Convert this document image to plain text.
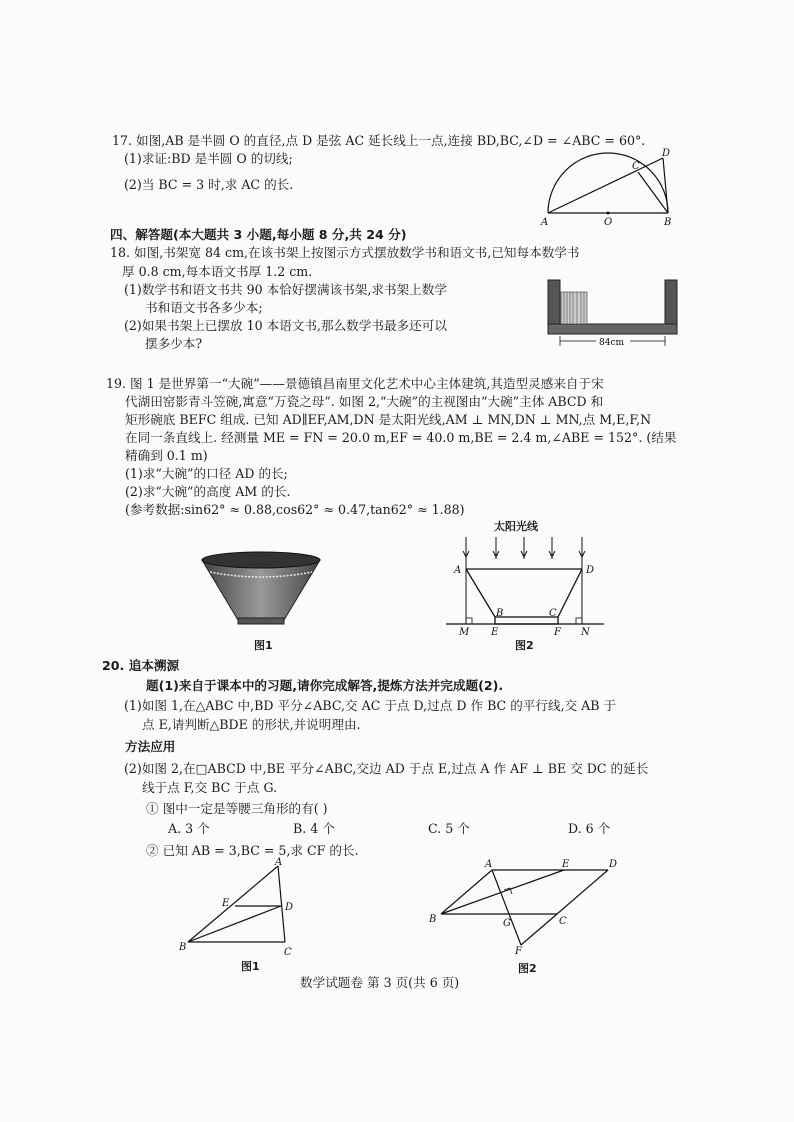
17. 如图,AB 是半圆 O 的直径,点 D 是弦 AC 延长线上一点,连接 BD,BC,∠D = ∠ABC = 60°.
(1)求证:BD 是半圆 O 的切线;
(2)当 BC = 3 时,求 AC 的长.
C
D
A	O	B
四、解答题(本大题共 3 小题,每小题 8 分,共 24 分)
18. 如图,书架宽 84 cm,在该书架上按图示方式摆放数学书和语文书,已知每本数学书
厚 0.8 cm,每本语文书厚 1.2 cm.
(1)数学书和语文书共 90 本恰好摆满该书架,求书架上数学
书和语文书各多少本;
(2)如果书架上已摆放 10 本语文书,那么数学书最多还可以
摆多少本?	84cm
19. 图 1 是世界第一“大碗”——景德镇昌南里文化艺术中心主体建筑,其造型灵感来自于宋
代湖田窑影青斗笠碗,寓意“万瓷之母”. 如图 2,“大碗”的主视图由“大碗”主体 ABCD 和
矩形碗底 BEFC 组成. 已知 AD∥EF,AM,DN 是太阳光线,AM ⊥ MN,DN ⊥ MN,点 M,E,F,N
在同一条直线上. 经测量 ME = FN = 20.0 m,EF = 40.0 m,BE = 2.4 m,∠ABE = 152°. (结果
精确到 0.1 m)
(1)求“大碗”的口径 AD 的长;
(2)求“大碗”的高度 AM 的长.
(参考数据:sin62° ≈ 0.88,cos62° ≈ 0.47,tan62° ≈ 1.88)
图1
太阳光线
A	D
B	C
M E	F N
图2
20. 追本溯源
题(1)来自于课本中的习题,请你完成解答,提炼方法并完成题(2).
(1)如图 1,在△ABC 中,BD 平分∠ABC,交 AC 于点 D,过点 D 作 BC 的平行线,交 AB 于
点 E,请判断△BDE 的形状,并说明理由.
方法应用
(2)如图 2,在□ABCD 中,BE 平分∠ABC,交边 AD 于点 E,过点 A 作 AF ⊥ BE 交 DC 的延长
线于点 F,交 BC 于点 G.
① 图中一定是等腰三角形的有( )
A. 3 个	B. 4 个	C. 5 个	D. 6 个
② 已知 AB = 3,BC = 5,求 CF 的长.
A
E	D
B	C
图1
A	E	D
B	G	C
F
图2
数学试题卷 第 3 页(共 6 页)
